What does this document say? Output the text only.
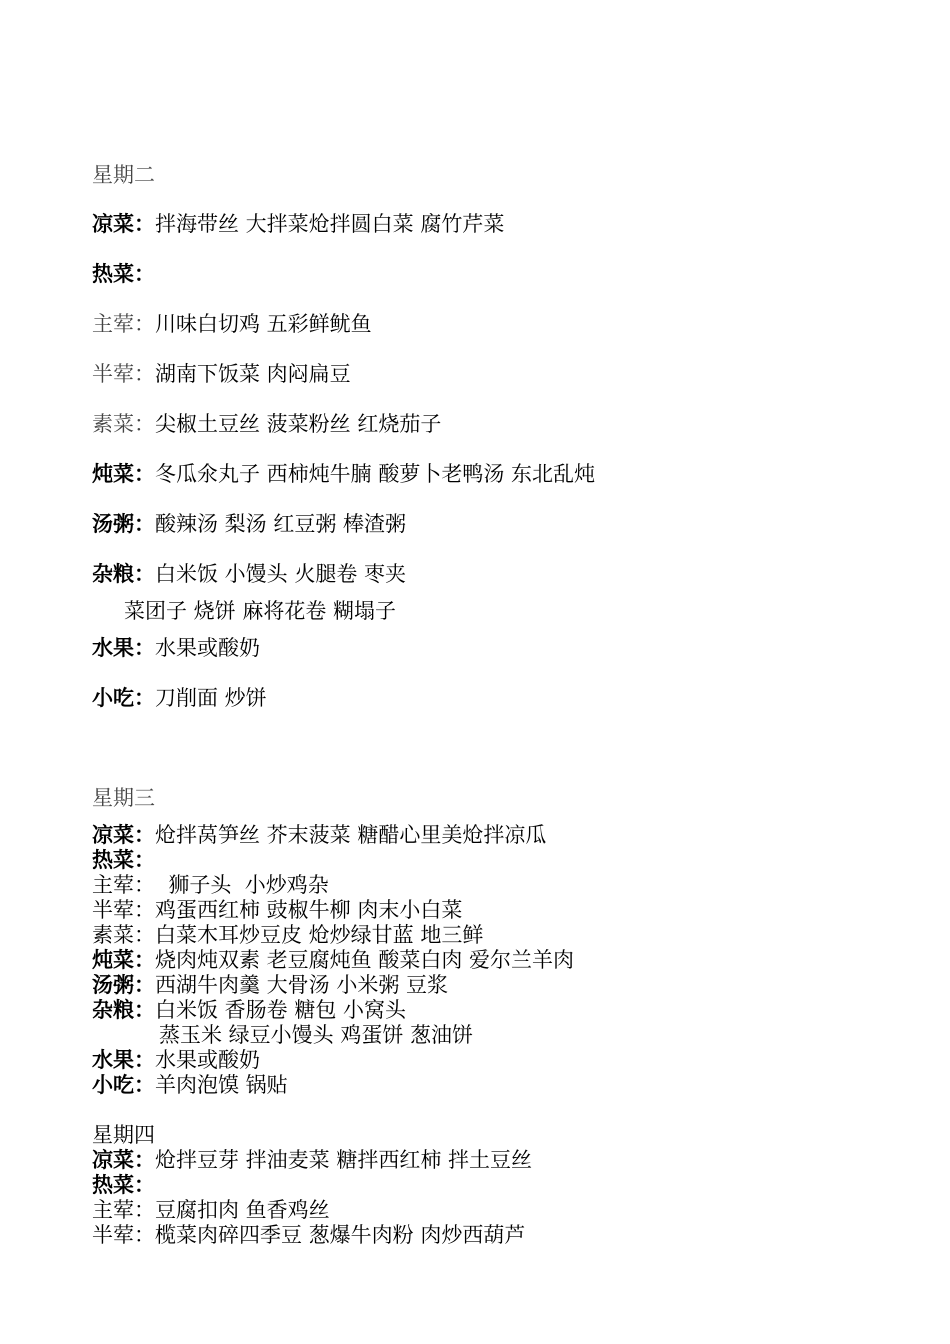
星期二
凉菜：拌海带丝 大拌菜炝拌圆白菜 腐竹芹菜
热菜：
主荤：川味白切鸡 五彩鲜鱿鱼
半荤：湖南下饭菜 肉闷扁豆
素菜：尖椒土豆丝 菠菜粉丝 红烧茄子
炖菜：冬瓜氽丸子 西柿炖牛腩 酸萝卜老鸭汤 东北乱炖
汤粥：酸辣汤 梨汤 红豆粥 棒渣粥
杂粮：白米饭 小馒头 火腿卷 枣夹
菜团子 烧饼 麻将花卷 糊塌子
水果：水果或酸奶
小吃：刀削面 炒饼
星期三
凉菜：炝拌莴笋丝 芥末菠菜 糖醋心里美炝拌凉瓜
热菜：
主荤：  狮子头  小炒鸡杂
半荤：鸡蛋西红柿 豉椒牛柳 肉末小白菜
素菜：白菜木耳炒豆皮 炝炒绿甘蓝 地三鲜
炖菜：烧肉炖双素 老豆腐炖鱼 酸菜白肉 爱尔兰羊肉
汤粥：西湖牛肉羹 大骨汤 小米粥 豆浆
杂粮：白米饭 香肠卷 糖包 小窝头
蒸玉米 绿豆小馒头 鸡蛋饼 葱油饼
水果：水果或酸奶
小吃：羊肉泡馍 锅贴
星期四
凉菜：炝拌豆芽 拌油麦菜 糖拌西红柿 拌土豆丝
热菜：
主荤：豆腐扣肉 鱼香鸡丝
半荤：榄菜肉碎四季豆 葱爆牛肉粉 肉炒西葫芦
